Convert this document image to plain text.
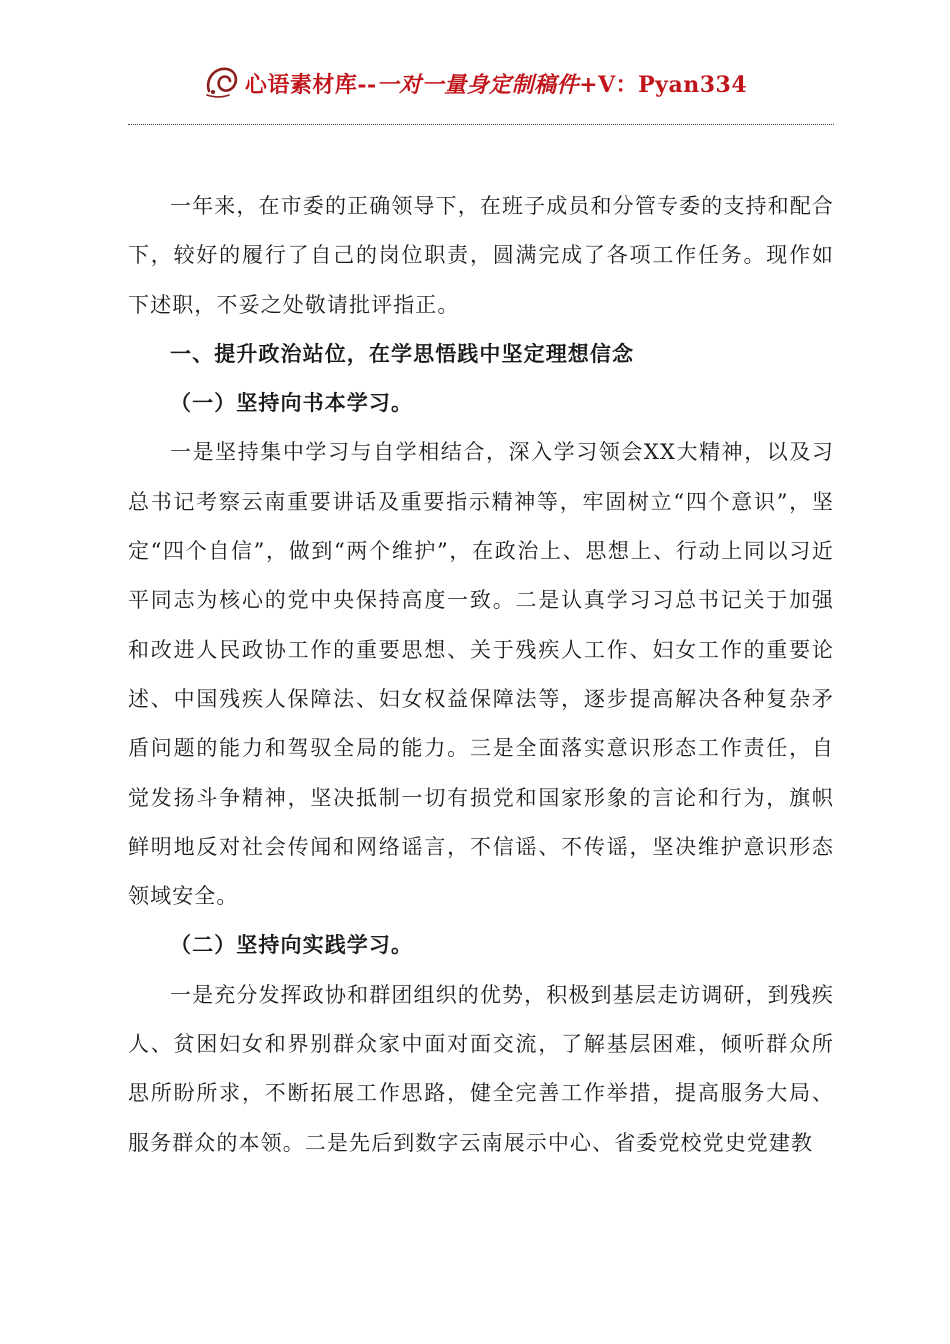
心语素材库--一对一量身定制稿件+V：Pyan334

一年来，在市委的正确领导下，在班子成员和分管专委的支持和配合下，较好的履行了自己的岗位职责，圆满完成了各项工作任务。现作如下述职，不妥之处敬请批评指正。

一、提升政治站位，在学思悟践中坚定理想信念

（一）坚持向书本学习。

一是坚持集中学习与自学相结合，深入学习领会XX大精神，以及习总书记考察云南重要讲话及重要指示精神等，牢固树立“四个意识”，坚定“四个自信”，做到“两个维护”，在政治上、思想上、行动上同以习近平同志为核心的党中央保持高度一致。二是认真学习习总书记关于加强和改进人民政协工作的重要思想、关于残疾人工作、妇女工作的重要论述、中国残疾人保障法、妇女权益保障法等，逐步提高解决各种复杂矛盾问题的能力和驾驭全局的能力。三是全面落实意识形态工作责任，自觉发扬斗争精神，坚决抵制一切有损党和国家形象的言论和行为，旗帜鲜明地反对社会传闻和网络谣言，不信谣、不传谣，坚决维护意识形态领域安全。

（二）坚持向实践学习。

一是充分发挥政协和群团组织的优势，积极到基层走访调研，到残疾人、贫困妇女和界别群众家中面对面交流，了解基层困难，倾听群众所思所盼所求，不断拓展工作思路，健全完善工作举措，提高服务大局、服务群众的本领。二是先后到数字云南展示中心、省委党校党史党建教
